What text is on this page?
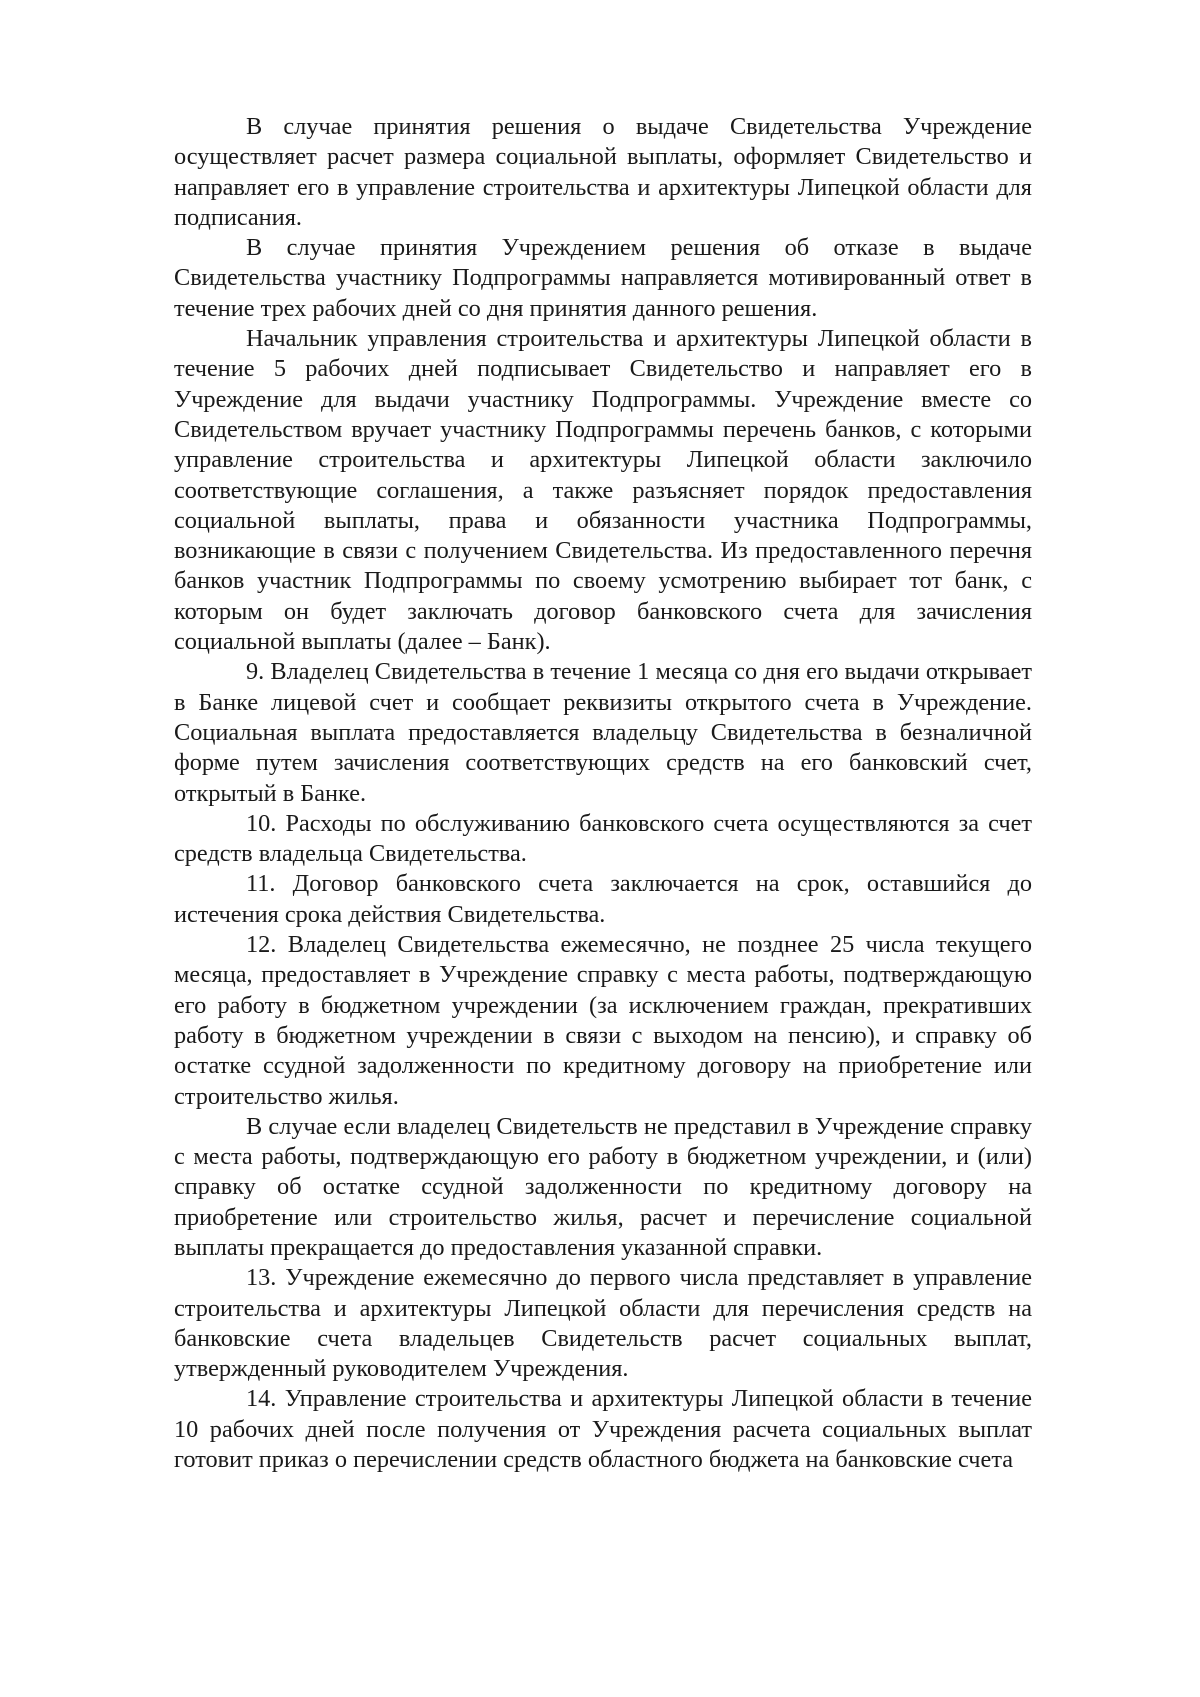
В случае принятия решения о выдаче Свидетельства Учреждение осуществляет расчет размера социальной выплаты, оформляет Свидетельство и направляет его в управление строительства и архитектуры Липецкой области для подписания.

В случае принятия Учреждением решения об отказе в выдаче Свидетельства участнику Подпрограммы направляется мотивированный ответ в течение трех рабочих дней со дня принятия данного решения.

Начальник управления строительства и архитектуры Липецкой области в течение 5 рабочих дней подписывает Свидетельство и направляет его в Учреждение для выдачи участнику Подпрограммы. Учреждение вместе со Свидетельством вручает участнику Подпрограммы перечень банков, с которыми управление строительства и архитектуры Липецкой области заключило соответствующие соглашения, а также разъясняет порядок предоставления социальной выплаты, права и обязанности участника Подпрограммы, возникающие в связи с получением Свидетельства. Из предоставленного перечня банков участник Подпрограммы по своему усмотрению выбирает тот банк, с которым он будет заключать договор банковского счета для зачисления социальной выплаты (далее – Банк).

9. Владелец Свидетельства в течение 1 месяца со дня его выдачи открывает в Банке лицевой счет и сообщает реквизиты открытого счета в Учреждение. Социальная выплата предоставляется владельцу Свидетельства в безналичной форме путем зачисления соответствующих средств на его банковский счет, открытый в Банке.

10. Расходы по обслуживанию банковского счета осуществляются за счет средств владельца Свидетельства.

11. Договор банковского счета заключается на срок, оставшийся до истечения срока действия Свидетельства.

12. Владелец Свидетельства ежемесячно, не позднее 25 числа текущего месяца, предоставляет в Учреждение справку с места работы, подтверждающую его работу в бюджетном учреждении (за исключением граждан, прекративших работу в бюджетном учреждении в связи с выходом на пенсию), и справку об остатке ссудной задолженности по кредитному договору на приобретение или строительство жилья.

В случае если владелец Свидетельств не представил в Учреждение справку с места работы, подтверждающую его работу в бюджетном учреждении, и (или) справку об остатке ссудной задолженности по кредитному договору на приобретение или строительство жилья, расчет и перечисление социальной выплаты прекращается до предоставления указанной справки.

13. Учреждение ежемесячно до первого числа представляет в управление строительства и архитектуры Липецкой области для перечисления средств на банковские счета владельцев Свидетельств расчет социальных выплат, утвержденный руководителем Учреждения.

14. Управление строительства и архитектуры Липецкой области в течение 10 рабочих дней после получения от Учреждения расчета социальных выплат готовит приказ о перечислении средств областного бюджета на банковские счета
